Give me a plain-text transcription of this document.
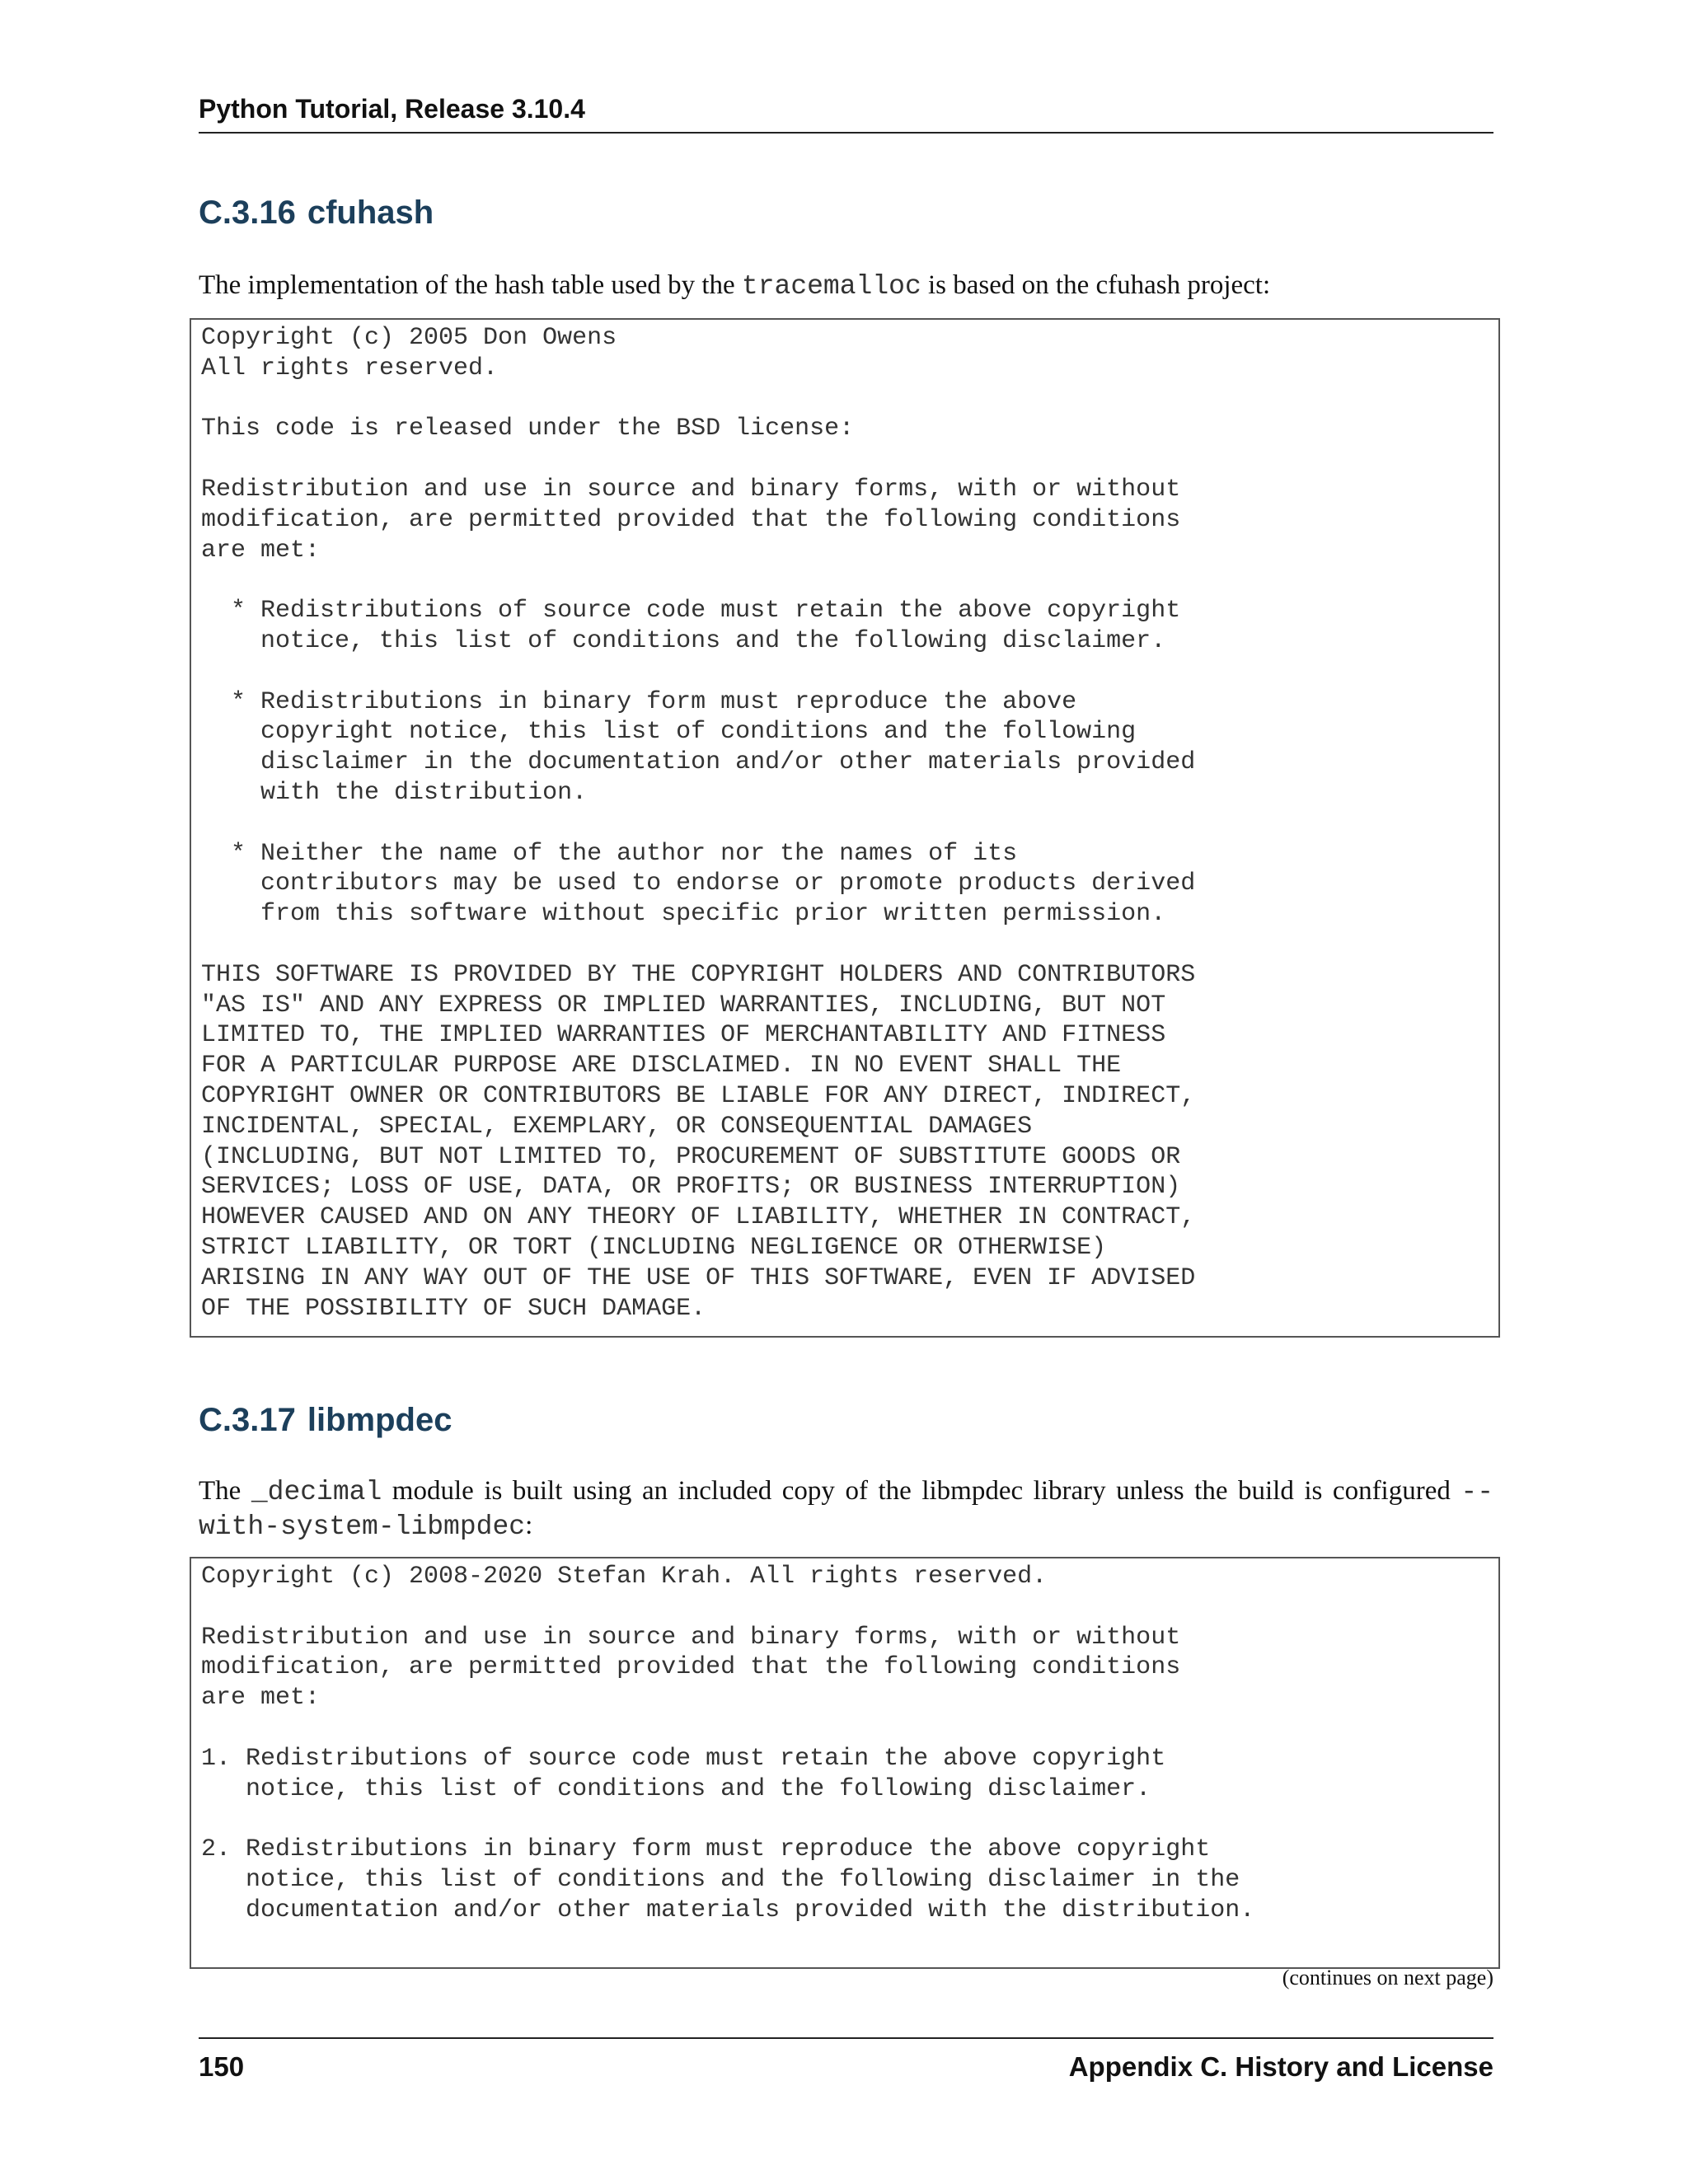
Python Tutorial, Release 3.10.4

C.3.16 cfuhash

The implementation of the hash table used by the tracemalloc is based on the cfuhash project:

Copyright (c) 2005 Don Owens
All rights reserved.

This code is released under the BSD license:

Redistribution and use in source and binary forms, with or without
modification, are permitted provided that the following conditions
are met:

* Redistributions of source code must retain the above copyright
notice, this list of conditions and the following disclaimer.

* Redistributions in binary form must reproduce the above
copyright notice, this list of conditions and the following
disclaimer in the documentation and/or other materials provided
with the distribution.

* Neither the name of the author nor the names of its
contributors may be used to endorse or promote products derived
from this software without specific prior written permission.

THIS SOFTWARE IS PROVIDED BY THE COPYRIGHT HOLDERS AND CONTRIBUTORS
"AS IS" AND ANY EXPRESS OR IMPLIED WARRANTIES, INCLUDING, BUT NOT
LIMITED TO, THE IMPLIED WARRANTIES OF MERCHANTABILITY AND FITNESS
FOR A PARTICULAR PURPOSE ARE DISCLAIMED. IN NO EVENT SHALL THE
COPYRIGHT OWNER OR CONTRIBUTORS BE LIABLE FOR ANY DIRECT, INDIRECT,
INCIDENTAL, SPECIAL, EXEMPLARY, OR CONSEQUENTIAL DAMAGES
(INCLUDING, BUT NOT LIMITED TO, PROCUREMENT OF SUBSTITUTE GOODS OR
SERVICES; LOSS OF USE, DATA, OR PROFITS; OR BUSINESS INTERRUPTION)
HOWEVER CAUSED AND ON ANY THEORY OF LIABILITY, WHETHER IN CONTRACT,
STRICT LIABILITY, OR TORT (INCLUDING NEGLIGENCE OR OTHERWISE)
ARISING IN ANY WAY OUT OF THE USE OF THIS SOFTWARE, EVEN IF ADVISED
OF THE POSSIBILITY OF SUCH DAMAGE.
C.3.17 libmpdec

The _decimal module is built using an included copy of the libmpdec library unless the build is configured --with-system-libmpdec:

Copyright (c) 2008-2020 Stefan Krah. All rights reserved.

Redistribution and use in source and binary forms, with or without
modification, are permitted provided that the following conditions
are met:

1. Redistributions of source code must retain the above copyright
notice, this list of conditions and the following disclaimer.

2. Redistributions in binary form must reproduce the above copyright
notice, this list of conditions and the following disclaimer in the
documentation and/or other materials provided with the distribution.

(continues on next page)

150	Appendix C. History and License
